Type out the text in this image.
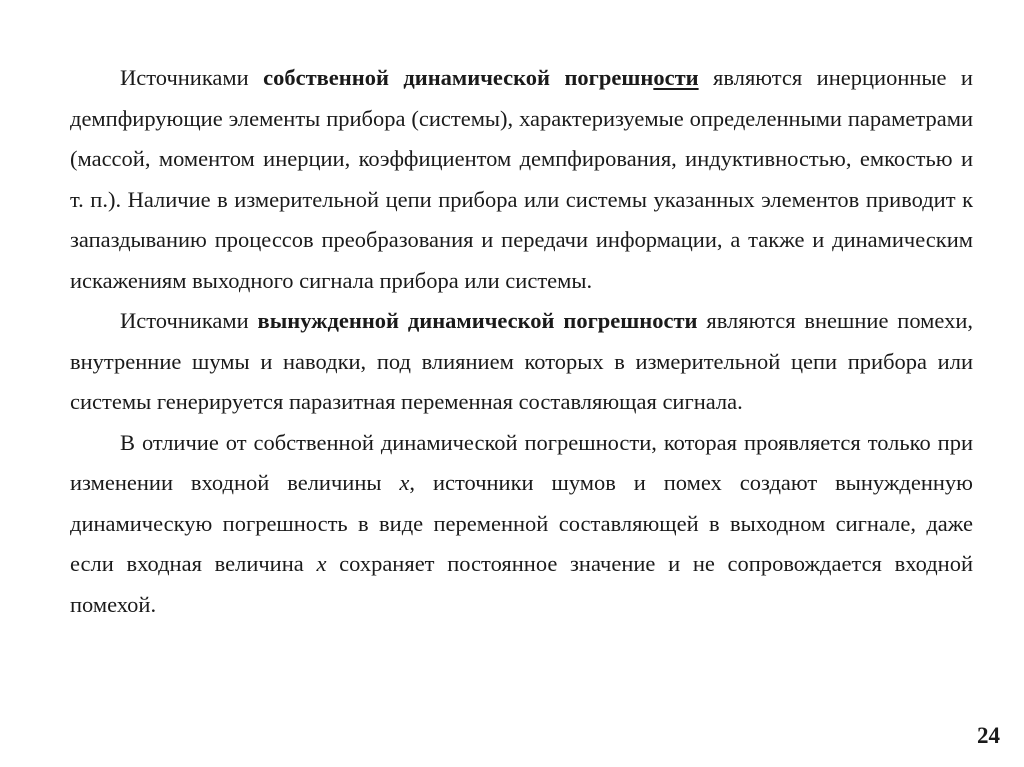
Источниками собственной динамической погрешности являются инерционные и демпфирующие элементы прибора (системы), характеризуемые определенными параметрами (массой, моментом инерции, коэффициентом демпфирования, индуктивностью, емкостью и т. п.). Наличие в измерительной цепи прибора или системы указанных элементов приводит к запаздыванию процессов преобразования и передачи информации, а также и динамическим искажениям выходного сигнала прибора или системы.

Источниками вынужденной динамической погрешности являются внешние помехи, внутренние шумы и наводки, под влиянием которых в измерительной цепи прибора или системы генерируется паразитная переменная составляющая сигнала.

В отличие от собственной динамической погрешности, которая проявляется только при изменении входной величины x, источники шумов и помех создают вынужденную динамическую погрешность в виде переменной составляющей в выходном сигнале, даже если входная величина x сохраняет постоянное значение и не сопровождается входной помехой.

24
